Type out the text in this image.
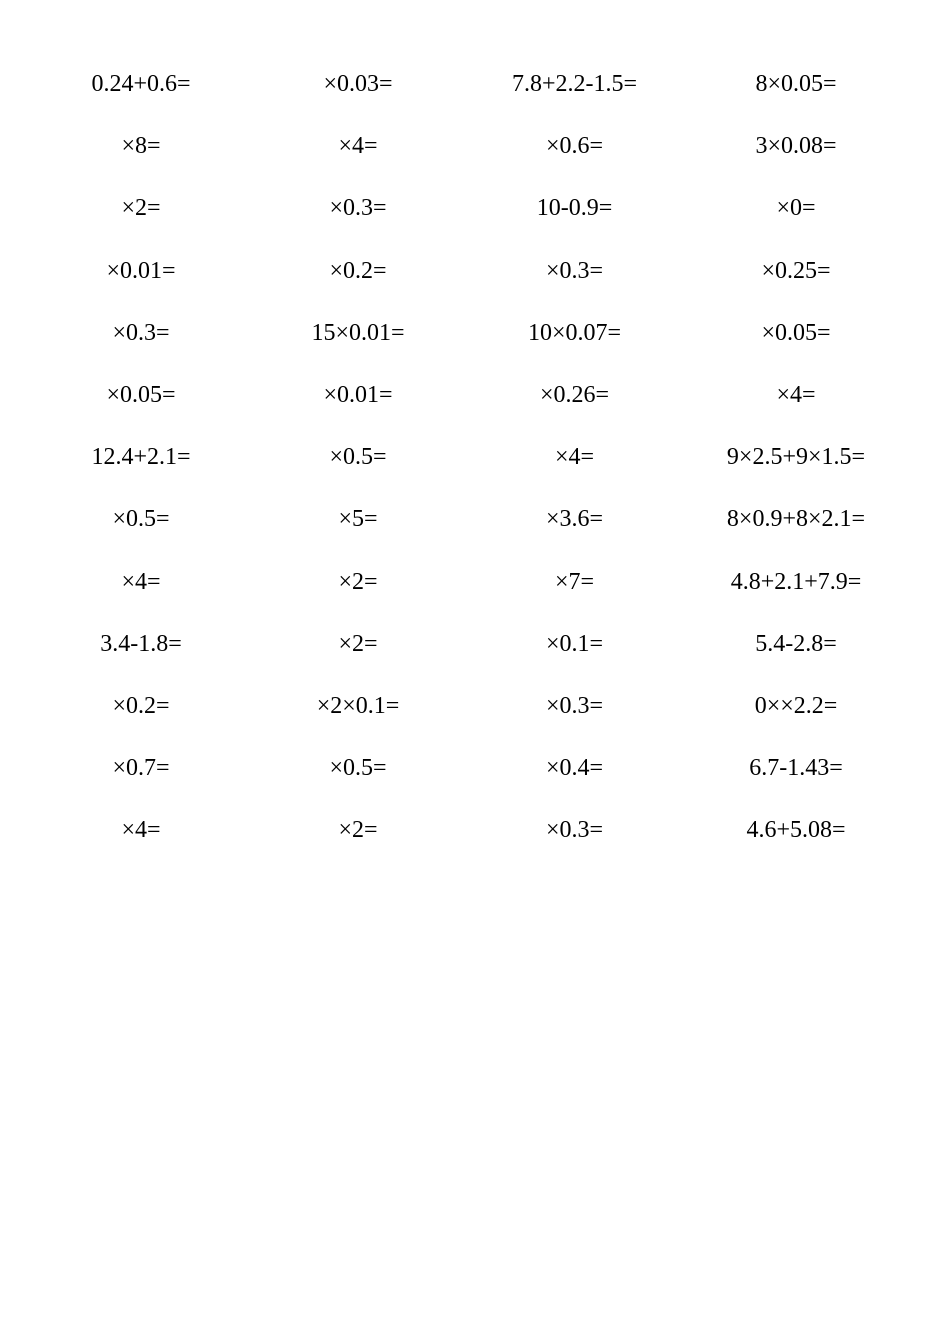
0.24+0.6=	×0.03=	7.8+2.2-1.5=	8×0.05=
×8=	×4=	×0.6=	3×0.08=
×2=	×0.3=	10-0.9=	×0=
×0.01=	×0.2=	×0.3=	×0.25=
×0.3=	15×0.01=	10×0.07=	×0.05=
×0.05=	×0.01=	×0.26=	×4=
12.4+2.1=	×0.5=	×4=	9×2.5+9×1.5=
×0.5=	×5=	×3.6=	8×0.9+8×2.1=
×4=	×2=	×7=	4.8+2.1+7.9=
3.4-1.8=	×2=	×0.1=	5.4-2.8=
×0.2=	×2×0.1=	×0.3=	0××2.2=
×0.7=	×0.5=	×0.4=	6.7-1.43=
×4=	×2=	×0.3=	4.6+5.08=
